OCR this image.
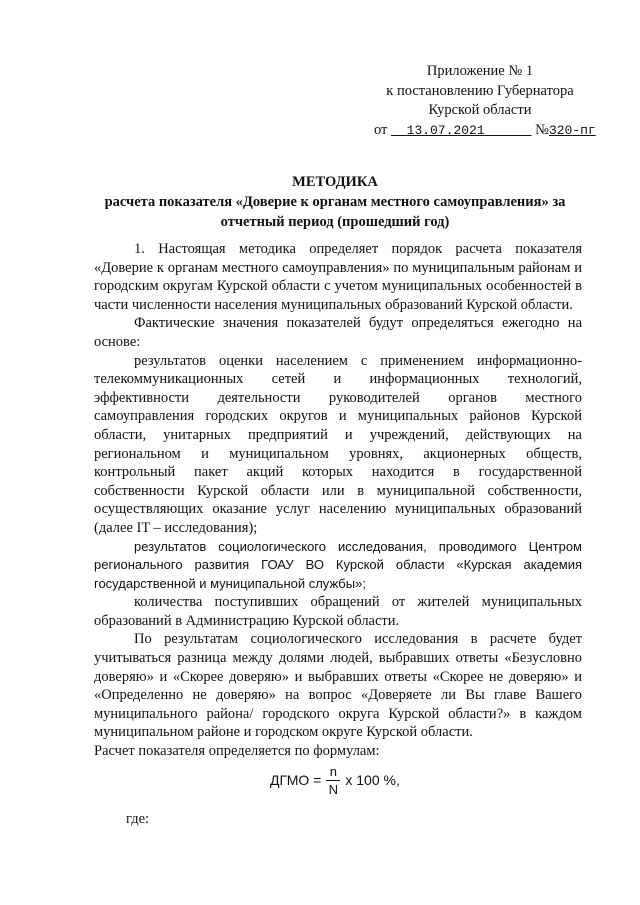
Приложение № 1
к постановлению Губернатора
Курской области
от 13.07.2021	№320-пг
МЕТОДИКА
расчета показателя «Доверие к органам местного самоуправления» за
отчетный период (прошедший год)

1. Настоящая методика определяет порядок расчета показателя «Доверие к органам местного самоуправления» по муниципальным районам и городским округам Курской области с учетом муниципальных особенностей в части численности населения муниципальных образований Курской области.

Фактические значения показателей будут определяться ежегодно на основе:

результатов оценки населением с применением информационно-телекоммуникационных сетей и информационных технологий, эффективности деятельности руководителей органов местного самоуправления городских округов и муниципальных районов Курской области, унитарных предприятий и учреждений, действующих на региональном и муниципальном уровнях, акционерных обществ, контрольный пакет акций которых находится в государственной собственности Курской области или в муниципальной собственности, осуществляющих оказание услуг населению муниципальных образований (далее IT – исследования);

результатов социологического исследования, проводимого Центром регионального развития ГОАУ ВО Курской области «Курская академия государственной и муниципальной службы»;

количества поступивших обращений от жителей муниципальных образований в Администрацию Курской области.

По результатам социологического исследования в расчете будет учитываться разница между долями людей, выбравших ответы «Безусловно доверяю» и «Скорее доверяю» и выбравших ответы «Скорее не доверяю» и «Определенно не доверяю» на вопрос «Доверяете ли Вы главе Вашего муниципального района/ городского округа Курской области?» в каждом муниципальном районе и городском округе Курской области.

Расчет показателя определяется по формулам:

ДГМО = $\frac{n}{N}$ x 100 %,
где:
